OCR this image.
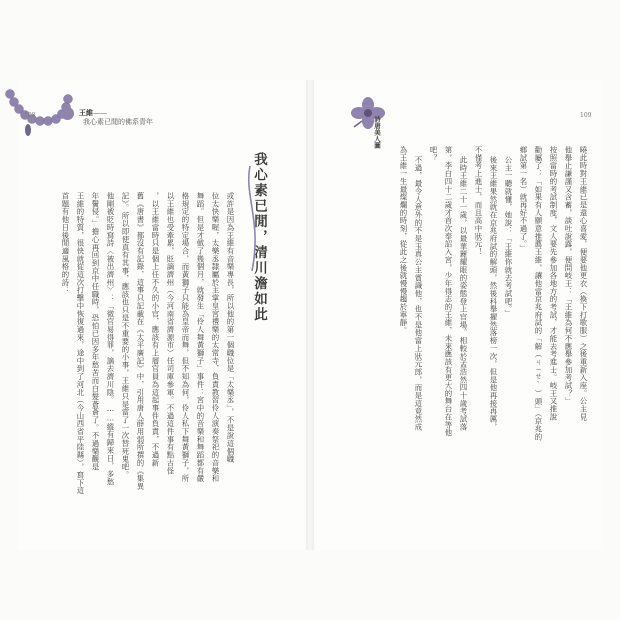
108	王維——
我心素已閒的佛系青年
我心素已閒，清川澹如此
或許是因為王維有音樂專長，所以他的第一個職位是「太樂丞」，不是說這個職
位太快樂喔，太樂丞隸屬於主掌皇宮禮樂的太常寺，負責教習伶人演奏祭祀的音樂和
舞蹈。但是才做了幾個月，就發生「伶人舞黃獅子」事件：宮中的音樂和舞蹈都有嚴
格規定的特定場合，而黃獅子只能為皇帝而舞，但不知為何，伶人私下舞黃獅子，所
以王維也受牽累，貶謫濟州（今河南省濟源市）任司庫參軍。不過這件事有點古怪
，以王維當時只是個上任不久的小官，應該有上層官員為這起事件負責，不過新
舊《唐書》都沒有記錄，這事只記載在《太平廣記》中，引用唐人薛用弱所撰的《集異
記》。所以即使真有其事，應該也只是不重要的小事，王維只是當了一次替死鬼吧。
他剛被貶時寫詩〈被出濟州〉：「微官易得罪，謫去濟川陰。……縱有歸來日，多愁
年鬢侵。」擔心再回到京中任職時，恐怕已因多年愁苦而白髮蒼蒼了。不過樂觀是
王維的特質，很快就從這次打擊中恢復過來，途中到了河北（今山西省平陸縣），寫下這
首題有他日後閒適風格的詩：
詩唐美人圖
109
曉此時對王維已是還心喜愛，便要他更衣（換下打歌服）之後重新入座。公主見
他舉止謙謹又含蓄，談吐說露，便問岐王：「王維為何不應舉參加考試？」
按照當時的考試制度，文人要先參加各地方的考試，才能去考進士。岐王又推說
勸屬了：「如果有人願意推薦王維，讓他當京兆府試的「解（ㄐㄧㄝˋ）頭」（京兆的
鄉試第一名）就再好不過了。」
公主一聽就懂，她說：「王維你就去考試吧。」
後來王維果然就在京兆府試的解頭，然後科舉擢然落榜一次，但是他再接再厲，
不僅考上進士，而且高中狀元！
此時王維二十一歲，以最華麗耀眼的姿態登上官場。相較於孟浩然四十歲考試落
第，李白四十二歲才首次奉詔入宮，少年得志的王維，未來應該有更大的舞台在等他
吧？
不過，最令人意外的不是玉真公主賞識他，也不是他當上狀元郎，而是這竟然成
為王維一生最燦爛的時刻，從此之後就慢慢趨於寧靜。
